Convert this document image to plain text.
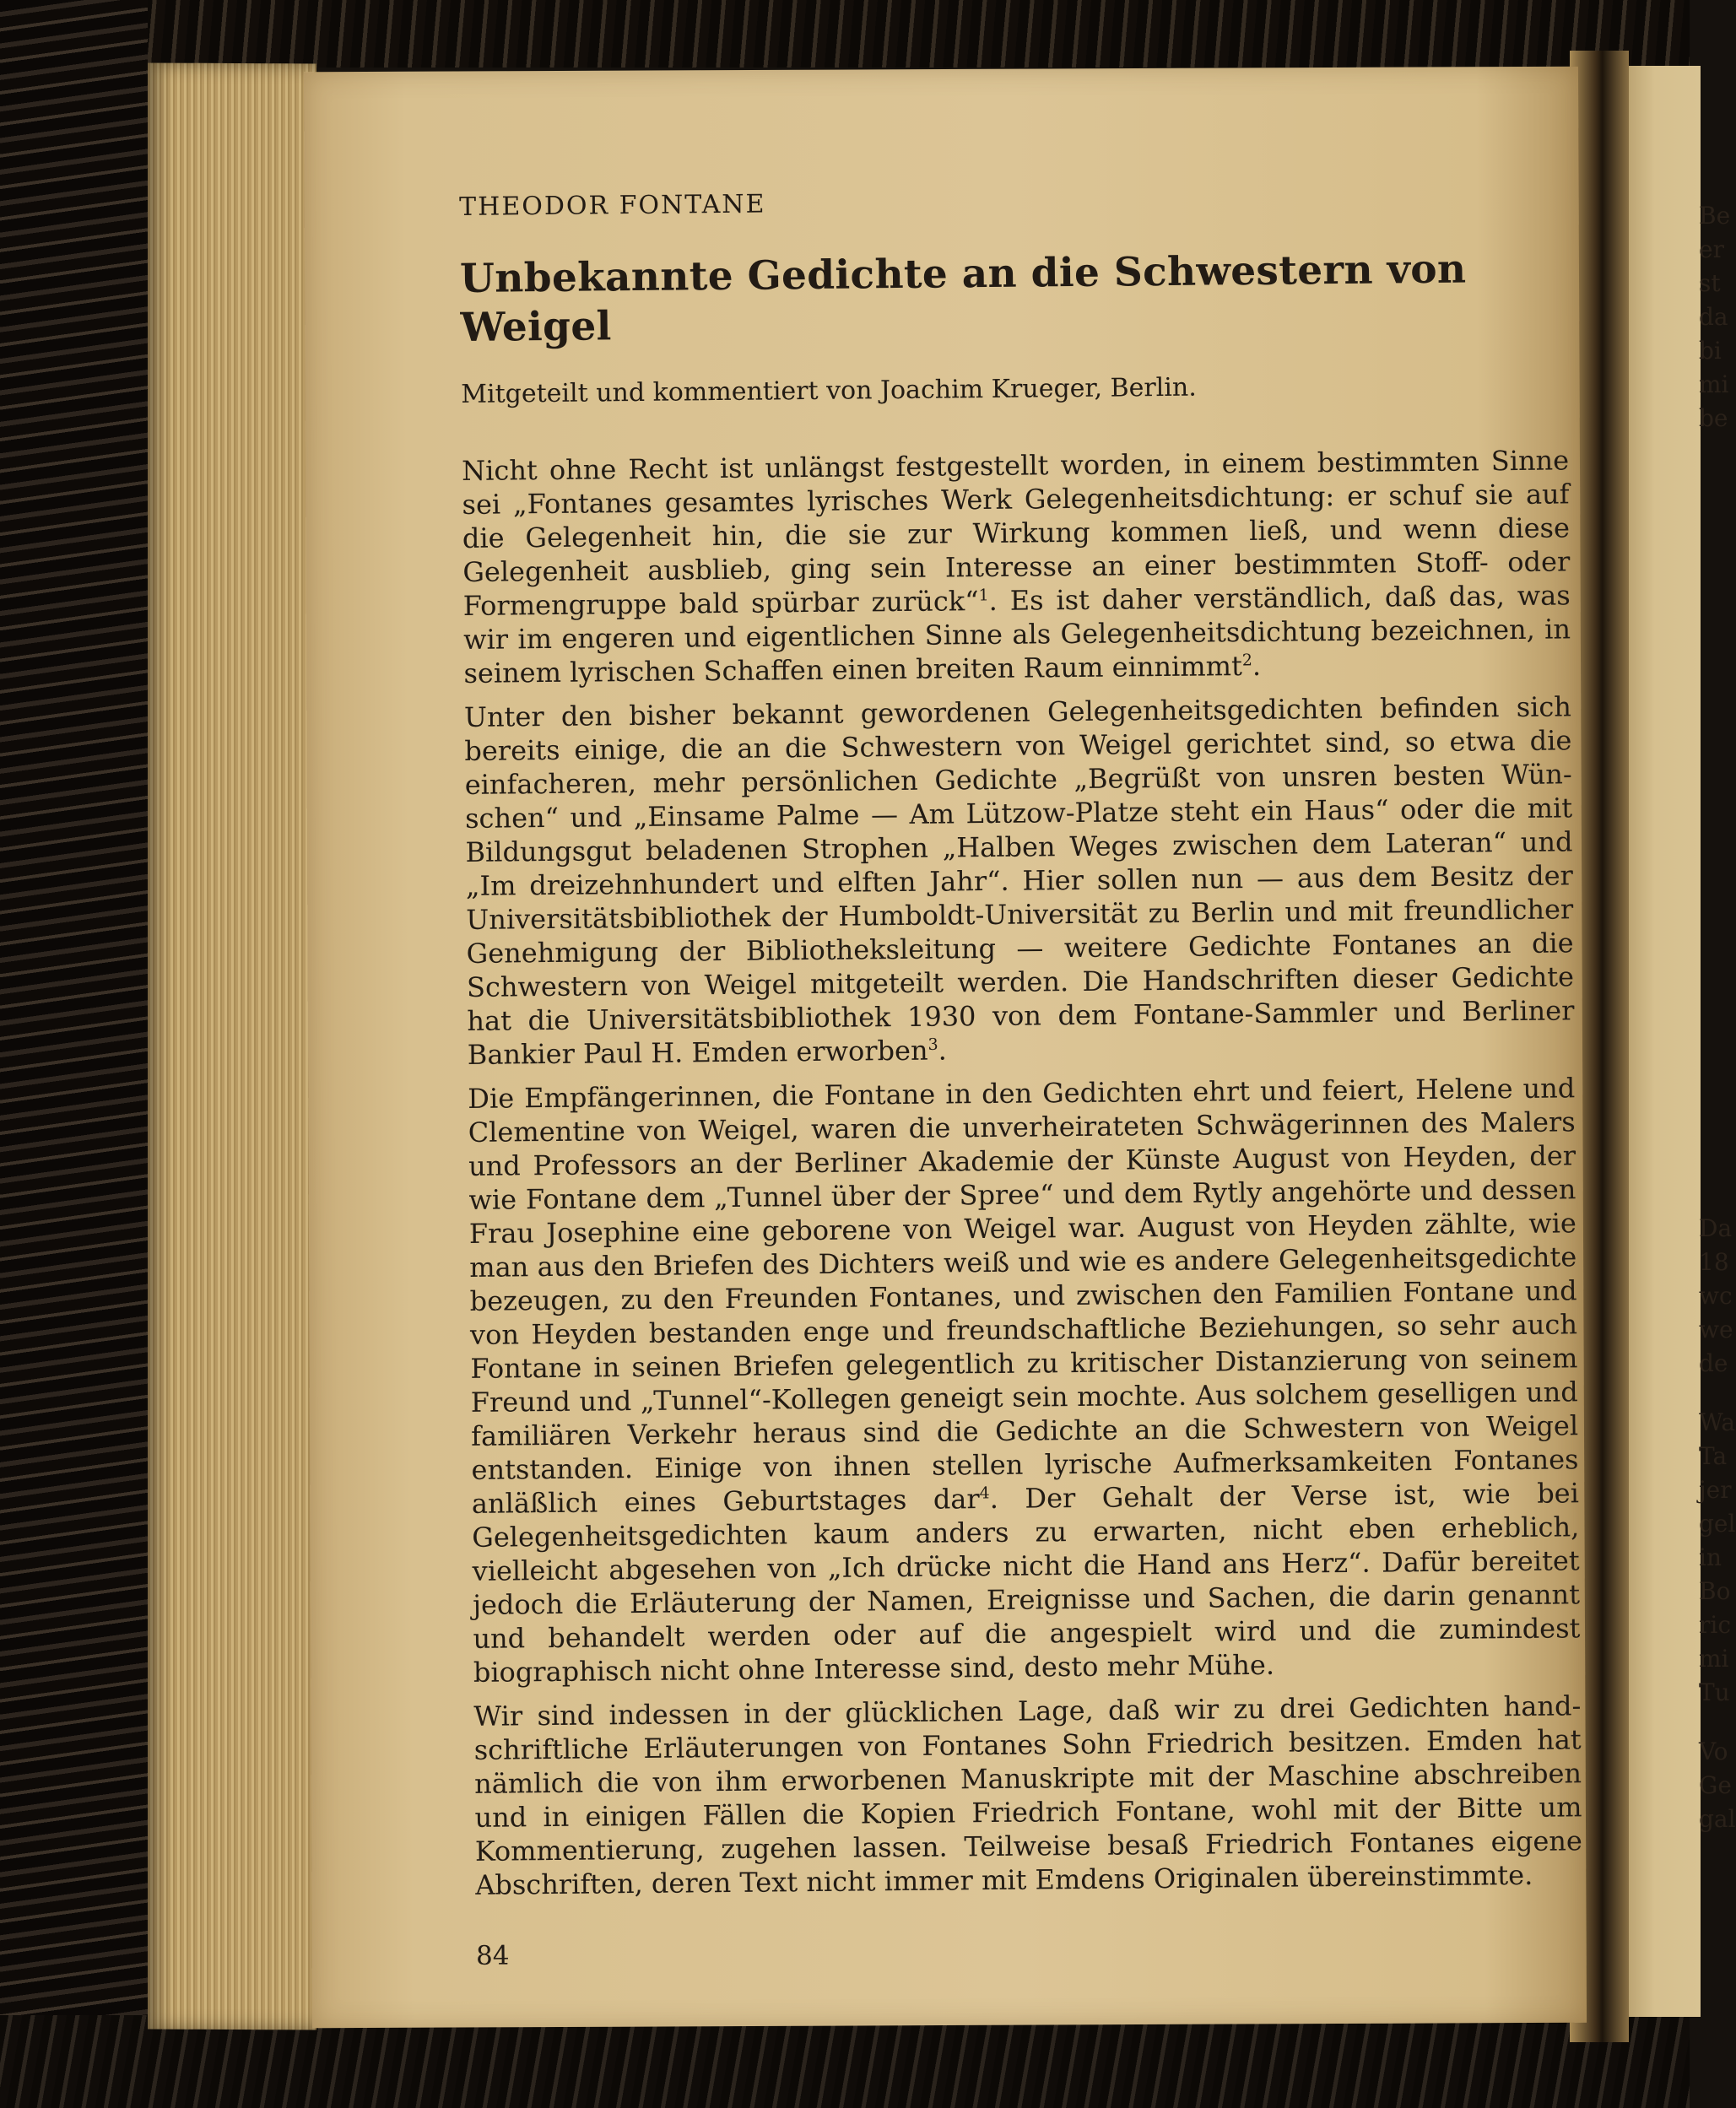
Be
er
st
da
bi
mi
be
Da
18
wc
we
de
Wa
Ta
jer
gel
in
Bo
ric
mi
Tu
Vo
Ge
gal
THEODOR FONTANE
Unbekannte Gedichte an die Schwestern von Weigel
Mitgeteilt und kommentiert von Joachim Krueger, Berlin.

Nicht ohne Recht ist unlängst festgestellt worden, in einem bestimmten Sinne sei „Fontanes gesamtes lyrisches Werk Gelegenheitsdichtung: er schuf sie auf die Gelegenheit hin, die sie zur Wirkung kommen ließ, und wenn diese Gelegenheit ausblieb, ging sein Interesse an einer bestimmten Stoff- oder Formengruppe bald spürbar zurück“$^1$. Es ist daher verständlich, daß das, was wir im engeren und eigentlichen Sinne als Gelegenheitsdichtung bezeichnen, in seinem lyrischen Schaffen einen breiten Raum einnimmt$^2$.

Unter den bisher bekannt gewordenen Gelegenheitsgedichten befinden sich bereits einige, die an die Schwestern von Weigel gerichtet sind, so etwa die einfacheren, mehr persönlichen Gedichte „Begrüßt von unsren besten Wünschen“ und „Einsame Palme — Am Lützow-Platze steht ein Haus“ oder die mit Bildungsgut beladenen Strophen „Halben Weges zwischen dem Lateran“ und „Im dreizehnhundert und elften Jahr“. Hier sollen nun — aus dem Besitz der Universitätsbibliothek der Humboldt-Universität zu Berlin und mit freundlicher Genehmigung der Bibliotheksleitung — weitere Gedichte Fontanes an die Schwestern von Weigel mitgeteilt werden. Die Handschriften dieser Gedichte hat die Universitätsbibliothek 1930 von dem Fontane-Sammler und Berliner Bankier Paul H. Emden erworben$^3$.

Die Empfängerinnen, die Fontane in den Gedichten ehrt und feiert, Helene und Clementine von Weigel, waren die unverheirateten Schwägerinnen des Malers und Professors an der Berliner Akademie der Künste August von Heyden, der wie Fontane dem „Tunnel über der Spree“ und dem Rytly angehörte und dessen Frau Josephine eine geborene von Weigel war. August von Heyden zählte, wie man aus den Briefen des Dichters weiß und wie es andere Gelegenheitsgedichte bezeugen, zu den Freunden Fontanes, und zwischen den Familien Fontane und von Heyden bestanden enge und freundschaftliche Beziehungen, so sehr auch Fontane in seinen Briefen gelegentlich zu kritischer Distanzierung von seinem Freund und „Tunnel“-Kollegen geneigt sein mochte. Aus solchem geselligen und familiären Verkehr heraus sind die Gedichte an die Schwestern von Weigel entstanden. Einige von ihnen stellen lyrische Aufmerksamkeiten Fontanes anläßlich eines Geburtstages dar$^4$. Der Gehalt der Verse ist, wie bei Gelegenheitsgedichten kaum anders zu erwarten, nicht eben erheblich, vielleicht abgesehen von „Ich drücke nicht die Hand ans Herz“. Dafür bereitet jedoch die Erläuterung der Namen, Ereignisse und Sachen, die darin genannt und behandelt werden oder auf die angespielt wird und die zumindest biographisch nicht ohne Interesse sind, desto mehr Mühe.

Wir sind indessen in der glücklichen Lage, daß wir zu drei Gedichten handschriftliche Erläuterungen von Fontanes Sohn Friedrich besitzen. Emden hat nämlich die von ihm erworbenen Manuskripte mit der Maschine abschreiben und in einigen Fällen die Kopien Friedrich Fontane, wohl mit der Bitte um Kommentierung, zugehen lassen. Teilweise besaß Friedrich Fontanes eigene Abschriften, deren Text nicht immer mit Emdens Originalen übereinstimmte.

84
